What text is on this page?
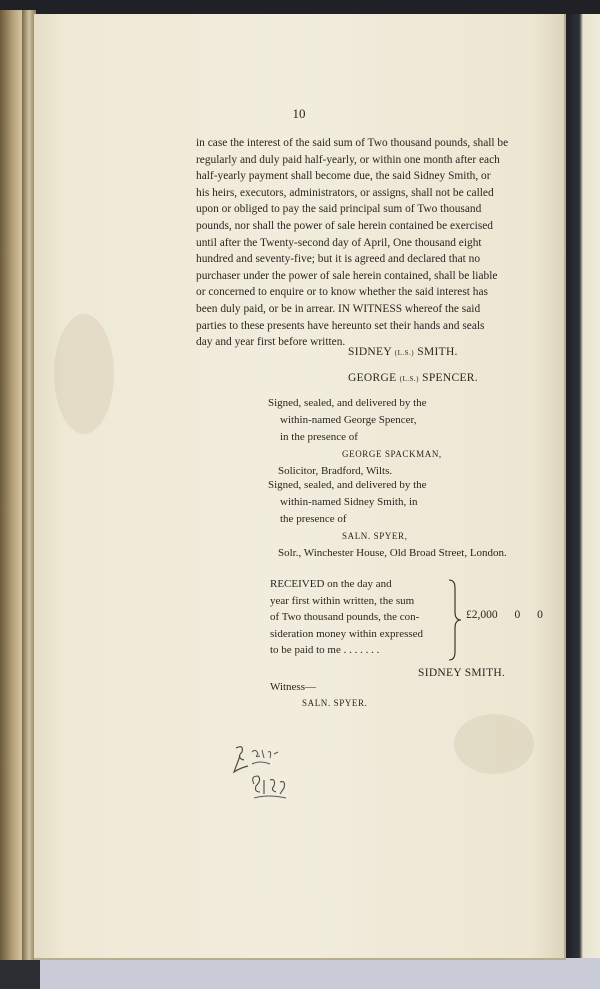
10
in case the interest of the said sum of Two thousand pounds, shall be
regularly and duly paid half-yearly, or within one month after each
half-yearly payment shall become due, the said Sidney Smith, or
his heirs, executors, administrators, or assigns, shall not be called
upon or obliged to pay the said principal sum of Two thousand
pounds, nor shall the power of sale herein contained be exercised
until after the Twenty-second day of April, One thousand eight
hundred and seventy-five; but it is agreed and declared that no
purchaser under the power of sale herein contained, shall be liable
or concerned to enquire or to know whether the said interest has
been duly paid, or be in arrear. IN WITNESS whereof the said
parties to these presents have hereunto set their hands and seals
day and year first before written.
SIDNEY (L.S.) SMITH.
GEORGE (L.S.) SPENCER.
Signed, sealed, and delivered by the
within-named George Spencer,
in the presence of
GEORGE SPACKMAN,
Solicitor, Bradford, Wilts.
Signed, sealed, and delivered by the
within-named Sidney Smith, in
the presence of
SALN. SPYER,
Solr., Winchester House, Old Broad Street, London.
RECEIVED on the day and
year first within written, the sum
of Two thousand pounds, the con-
sideration money within expressed
to be paid to me . . . . . . .
£2,000 0 0
SIDNEY SMITH.
Witness—
SALN. SPYER.
